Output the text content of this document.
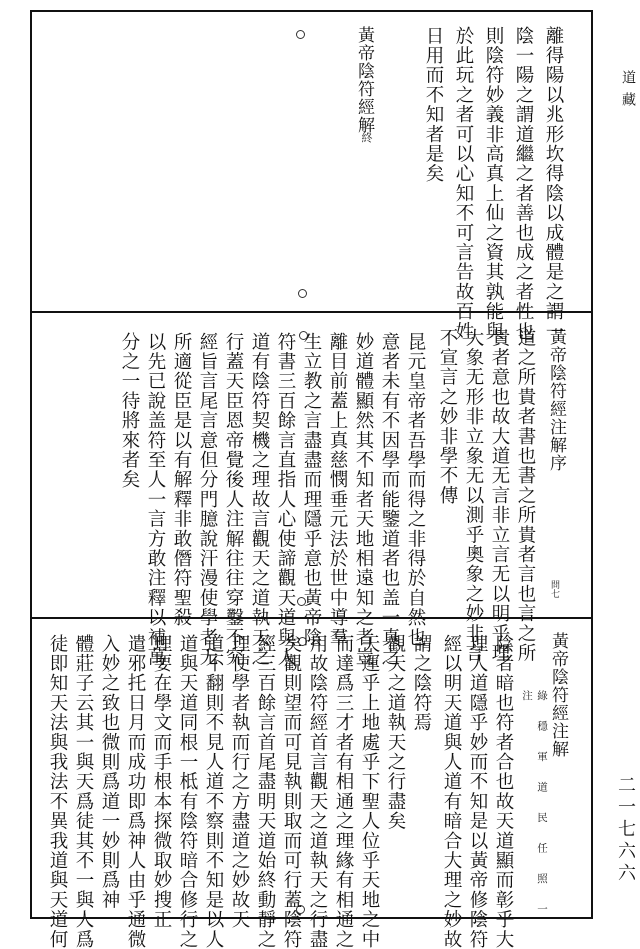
道藏
二一七六六
離得陽以兆形坎得陰以成體是之謂一
陰一陽之謂道繼之者善也成之者性也
則陰符妙義非高真上仙之資其孰能與
於此玩之者可以心知不可言告故百姓
日用而不知者是矣
黃帝陰符經解
終
黃帝陰符經注解序
問七
道之所貴者書也書之所貴者言也言之所
貴者意也故大道无言非立言无以明乎理
大象无形非立象无以測乎奧象之妙非言
不宣言之妙非學不傳
昆元皇帝者吾學而得之非得於自然也
意者未有不因學而能鑒道者也盖一真之
妙道體顯然其不知者天地相遠知之者豈
離目前蓋上真慈憫垂元法於世中導羣
生立教之言盡盡而理隱乎意也黃帝陰
符書三百餘言直指人心使諦觀天道與人
道有陰符契機之理故言觀天之道執天之
行蓋天臣恩帝覺後人注解往往穿鑿不究
經旨言尾言意但分門臆說汗漫使學者无
所適從臣是以有解釋非敢僭符聖殺
以先已說盖符至人一言方敢注釋以補萬
分之一待將來者矣
黃帝陰符經注解
綠 穩 軍 道 民 任 照 一 注
陰者暗也符者合也故天道顯而彰乎大
理人道隱乎妙而不知是以黃帝修陰符
經以明天道與人道有暗合大理之妙故
謂之陰符焉
觀天之道執天之行盡矣
天運乎上地處乎下聖人位乎天地之中
而達爲三才者有相通之理緣有相通之
用故陰符經首言觀天之道執天之行盡
矣觀則望而可見執則取而可行蓋陰符
經三百餘言首尾盡明天道始終動靜之
理使學者執而行之方盡道之妙故天
道不翻則不見人道不察則不知是以人
道與天道同根一柢有陰符暗合修行之
理要在學文而手根本探微取妙搜正
遣邪托日月而成功即爲神人由乎通微
入妙之致也微則爲道一妙則爲神
體莊子云其一與天爲徒其不一與人爲
徒即知天法與我法不異我道與天道何
